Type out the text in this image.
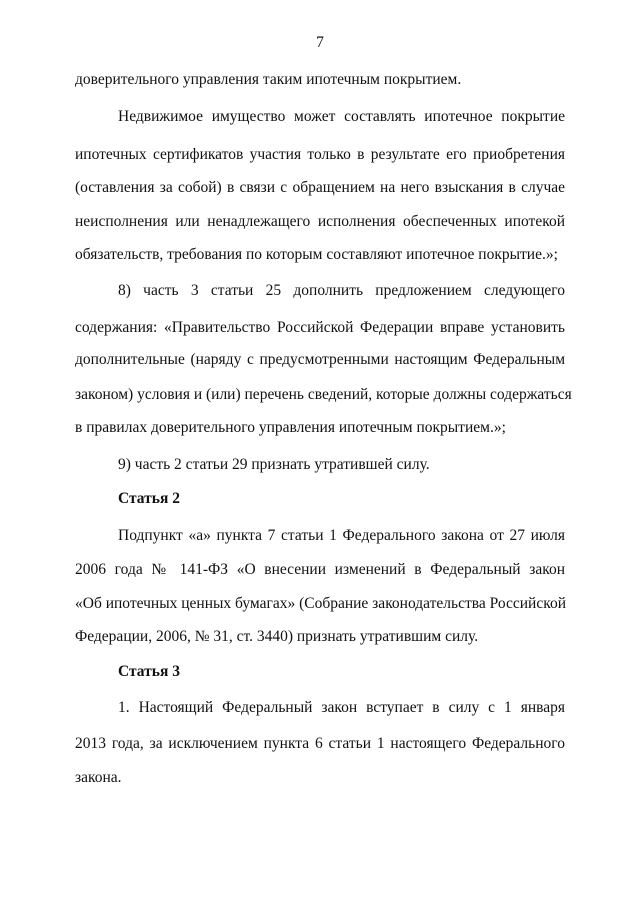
7
доверительного управления таким ипотечным покрытием.
Недвижимое имущество может составлять ипотечное покрытие
ипотечных сертификатов участия только в результате его приобретения
(оставления за собой) в связи с обращением на него взыскания в случае
неисполнения или ненадлежащего исполнения обеспеченных ипотекой
обязательств, требования по которым составляют ипотечное покрытие.»;
8) часть 3 статьи 25 дополнить предложением следующего
содержания: «Правительство Российской Федерации вправе установить
дополнительные (наряду с предусмотренными настоящим Федеральным
законом) условия и (или) перечень сведений, которые должны содержаться
в правилах доверительного управления ипотечным покрытием.»;
9) часть 2 статьи 29 признать утратившей силу.
Статья 2
Подпункт «а» пункта 7 статьи 1 Федерального закона от 27 июля
2006 года № 141-ФЗ «О внесении изменений в Федеральный закон
«Об ипотечных ценных бумагах» (Собрание законодательства Российской
Федерации, 2006, № 31, ст. 3440) признать утратившим силу.
Статья 3
1. Настоящий Федеральный закон вступает в силу с 1 января
2013 года, за исключением пункта 6 статьи 1 настоящего Федерального
закона.
